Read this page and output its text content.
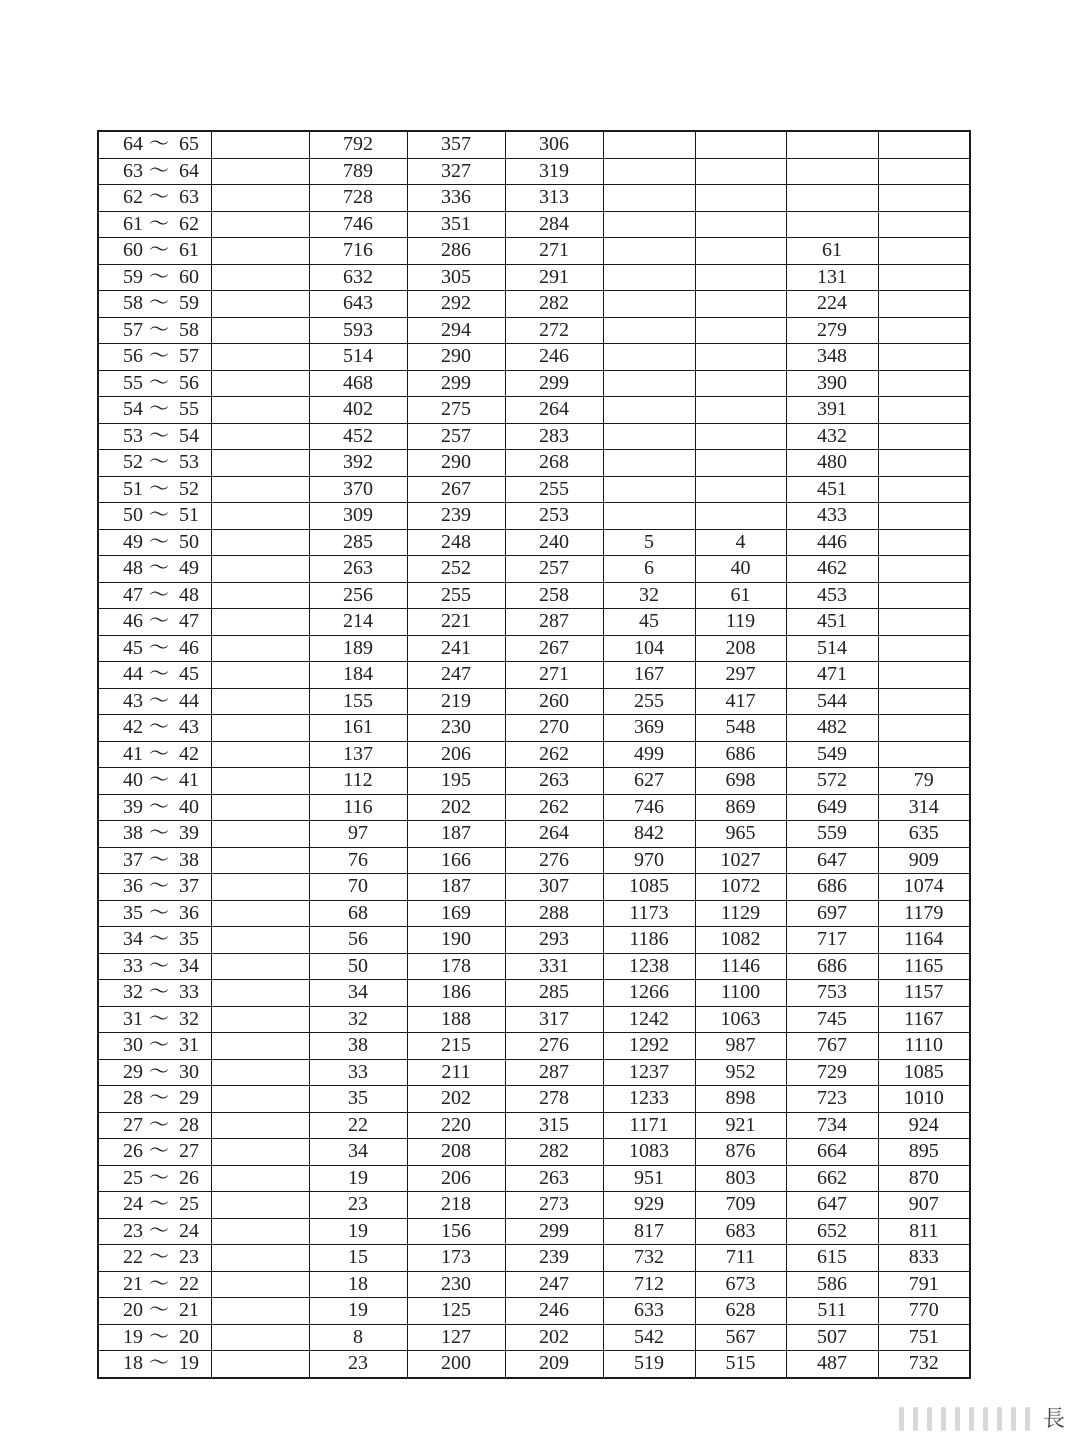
64 ～ 65		792	357	306				
63 ～ 64		789	327	319				
62 ～ 63		728	336	313				
61 ～ 62		746	351	284				
60 ～ 61		716	286	271			61	
59 ～ 60		632	305	291			131	
58 ～ 59		643	292	282			224	
57 ～ 58		593	294	272			279	
56 ～ 57		514	290	246			348	
55 ～ 56		468	299	299			390	
54 ～ 55		402	275	264			391	
53 ～ 54		452	257	283			432	
52 ～ 53		392	290	268			480	
51 ～ 52		370	267	255			451	
50 ～ 51		309	239	253			433	
49 ～ 50		285	248	240	5	4	446	
48 ～ 49		263	252	257	6	40	462	
47 ～ 48		256	255	258	32	61	453	
46 ～ 47		214	221	287	45	119	451	
45 ～ 46		189	241	267	104	208	514	
44 ～ 45		184	247	271	167	297	471	
43 ～ 44		155	219	260	255	417	544	
42 ～ 43		161	230	270	369	548	482	
41 ～ 42		137	206	262	499	686	549	
40 ～ 41		112	195	263	627	698	572	79
39 ～ 40		116	202	262	746	869	649	314
38 ～ 39		97	187	264	842	965	559	635
37 ～ 38		76	166	276	970	1027	647	909
36 ～ 37		70	187	307	1085	1072	686	1074
35 ～ 36		68	169	288	1173	1129	697	1179
34 ～ 35		56	190	293	1186	1082	717	1164
33 ～ 34		50	178	331	1238	1146	686	1165
32 ～ 33		34	186	285	1266	1100	753	1157
31 ～ 32		32	188	317	1242	1063	745	1167
30 ～ 31		38	215	276	1292	987	767	1110
29 ～ 30		33	211	287	1237	952	729	1085
28 ～ 29		35	202	278	1233	898	723	1010
27 ～ 28		22	220	315	1171	921	734	924
26 ～ 27		34	208	282	1083	876	664	895
25 ～ 26		19	206	263	951	803	662	870
24 ～ 25		23	218	273	929	709	647	907
23 ～ 24		19	156	299	817	683	652	811
22 ～ 23		15	173	239	732	711	615	833
21 ～ 22		18	230	247	712	673	586	791
20 ～ 21		19	125	246	633	628	511	770
19 ～ 20		8	127	202	542	567	507	751
18 ～ 19		23	200	209	519	515	487	732
長
